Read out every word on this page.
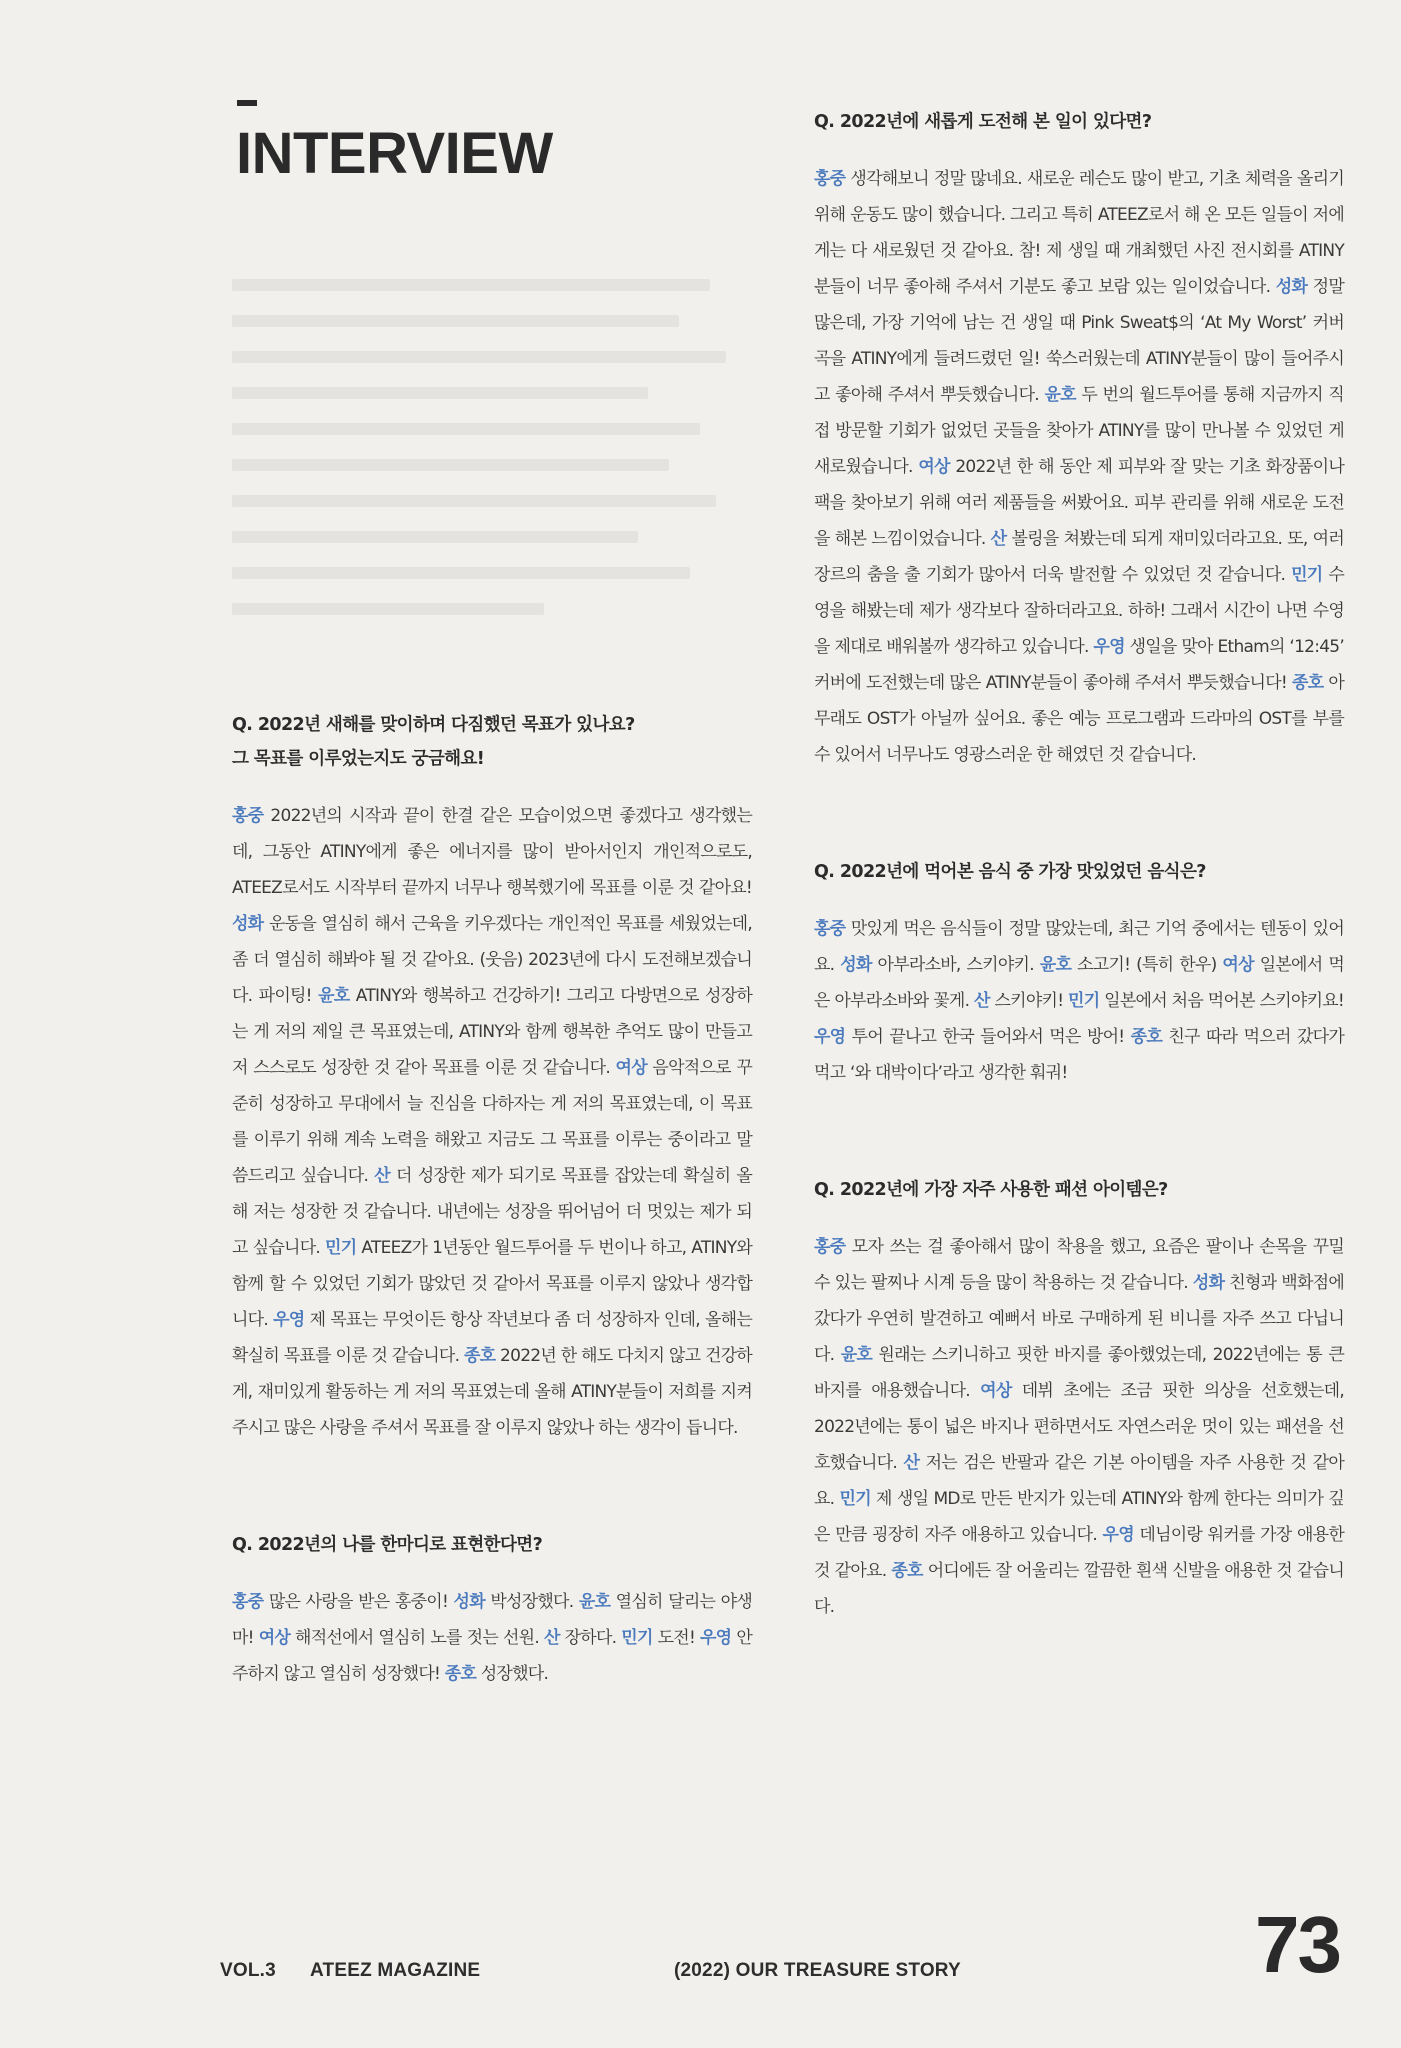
INTERVIEW

Q. 2022년 새해를 맞이하며 다짐했던 목표가 있나요?
그 목표를 이루었는지도 궁금해요!

홍중 2022년의 시작과 끝이 한결 같은 모습이었으면 좋겠다고 생각했는데, 그동안 ATINY에게 좋은 에너지를 많이 받아서인지 개인적으로도, ATEEZ로서도 시작부터 끝까지 너무나 행복했기에 목표를 이룬 것 같아요! 성화 운동을 열심히 해서 근육을 키우겠다는 개인적인 목표를 세웠었는데, 좀 더 열심히 해봐야 될 것 같아요. (웃음) 2023년에 다시 도전해보겠습니다. 파이팅! 윤호 ATINY와 행복하고 건강하기! 그리고 다방면으로 성장하는 게 저의 제일 큰 목표였는데, ATINY와 함께 행복한 추억도 많이 만들고 저 스스로도 성장한 것 같아 목표를 이룬 것 같습니다. 여상 음악적으로 꾸준히 성장하고 무대에서 늘 진심을 다하자는 게 저의 목표였는데, 이 목표를 이루기 위해 계속 노력을 해왔고 지금도 그 목표를 이루는 중이라고 말씀드리고 싶습니다. 산 더 성장한 제가 되기로 목표를 잡았는데 확실히 올해 저는 성장한 것 같습니다. 내년에는 성장을 뛰어넘어 더 멋있는 제가 되고 싶습니다. 민기 ATEEZ가 1년동안 월드투어를 두 번이나 하고, ATINY와 함께 할 수 있었던 기회가 많았던 것 같아서 목표를 이루지 않았나 생각합니다. 우영 제 목표는 무엇이든 항상 작년보다 좀 더 성장하자 인데, 올해는 확실히 목표를 이룬 것 같습니다. 종호 2022년 한 해도 다치지 않고 건강하게, 재미있게 활동하는 게 저의 목표였는데 올해 ATINY분들이 저희를 지켜 주시고 많은 사랑을 주셔서 목표를 잘 이루지 않았나 하는 생각이 듭니다.

Q. 2022년의 나를 한마디로 표현한다면?

홍중 많은 사랑을 받은 홍중이! 성화 박성장했다. 윤호 열심히 달리는 야생마! 여상 해적선에서 열심히 노를 젓는 선원. 산 장하다. 민기 도전! 우영 안주하지 않고 열심히 성장했다! 종호 성장했다.

Q. 2022년에 새롭게 도전해 본 일이 있다면?

홍중 생각해보니 정말 많네요. 새로운 레슨도 많이 받고, 기초 체력을 올리기 위해 운동도 많이 했습니다. 그리고 특히 ATEEZ로서 해 온 모든 일들이 저에게는 다 새로웠던 것 같아요. 참! 제 생일 때 개최했던 사진 전시회를 ATINY분들이 너무 좋아해 주셔서 기분도 좋고 보람 있는 일이었습니다. 성화 정말 많은데, 가장 기억에 남는 건 생일 때 Pink Sweat$의 ‘At My Worst’ 커버 곡을 ATINY에게 들려드렸던 일! 쑥스러웠는데 ATINY분들이 많이 들어주시고 좋아해 주셔서 뿌듯했습니다. 윤호 두 번의 월드투어를 통해 지금까지 직접 방문할 기회가 없었던 곳들을 찾아가 ATINY를 많이 만나볼 수 있었던 게 새로웠습니다. 여상 2022년 한 해 동안 제 피부와 잘 맞는 기초 화장품이나 팩을 찾아보기 위해 여러 제품들을 써봤어요. 피부 관리를 위해 새로운 도전을 해본 느낌이었습니다. 산 볼링을 쳐봤는데 되게 재미있더라고요. 또, 여러 장르의 춤을 출 기회가 많아서 더욱 발전할 수 있었던 것 같습니다. 민기 수영을 해봤는데 제가 생각보다 잘하더라고요. 하하! 그래서 시간이 나면 수영을 제대로 배워볼까 생각하고 있습니다. 우영 생일을 맞아 Etham의 ‘12:45’ 커버에 도전했는데 많은 ATINY분들이 좋아해 주셔서 뿌듯했습니다! 종호 아무래도 OST가 아닐까 싶어요. 좋은 예능 프로그램과 드라마의 OST를 부를 수 있어서 너무나도 영광스러운 한 해였던 것 같습니다.

Q. 2022년에 먹어본 음식 중 가장 맛있었던 음식은?

홍중 맛있게 먹은 음식들이 정말 많았는데, 최근 기억 중에서는 텐동이 있어요. 성화 아부라소바, 스키야키. 윤호 소고기! (특히 한우) 여상 일본에서 먹은 아부라소바와 꽃게. 산 스키야키! 민기 일본에서 처음 먹어본 스키야키요! 우영 투어 끝나고 한국 들어와서 먹은 방어! 종호 친구 따라 먹으러 갔다가 먹고 ‘와 대박이다’라고 생각한 훠궈!

Q. 2022년에 가장 자주 사용한 패션 아이템은?

홍중 모자 쓰는 걸 좋아해서 많이 착용을 했고, 요즘은 팔이나 손목을 꾸밀 수 있는 팔찌나 시계 등을 많이 착용하는 것 같습니다. 성화 친형과 백화점에 갔다가 우연히 발견하고 예뻐서 바로 구매하게 된 비니를 자주 쓰고 다닙니다. 윤호 원래는 스키니하고 핏한 바지를 좋아했었는데, 2022년에는 통 큰 바지를 애용했습니다. 여상 데뷔 초에는 조금 핏한 의상을 선호했는데, 2022년에는 통이 넓은 바지나 편하면서도 자연스러운 멋이 있는 패션을 선호했습니다. 산 저는 검은 반팔과 같은 기본 아이템을 자주 사용한 것 같아요. 민기 제 생일 MD로 만든 반지가 있는데 ATINY와 함께 한다는 의미가 깊은 만큼 굉장히 자주 애용하고 있습니다. 우영 데님이랑 워커를 가장 애용한 것 같아요. 종호 어디에든 잘 어울리는 깔끔한 흰색 신발을 애용한 것 같습니다.

VOL.3 ATEEZ MAGAZINE	(2022) OUR TREASURE STORY	73
